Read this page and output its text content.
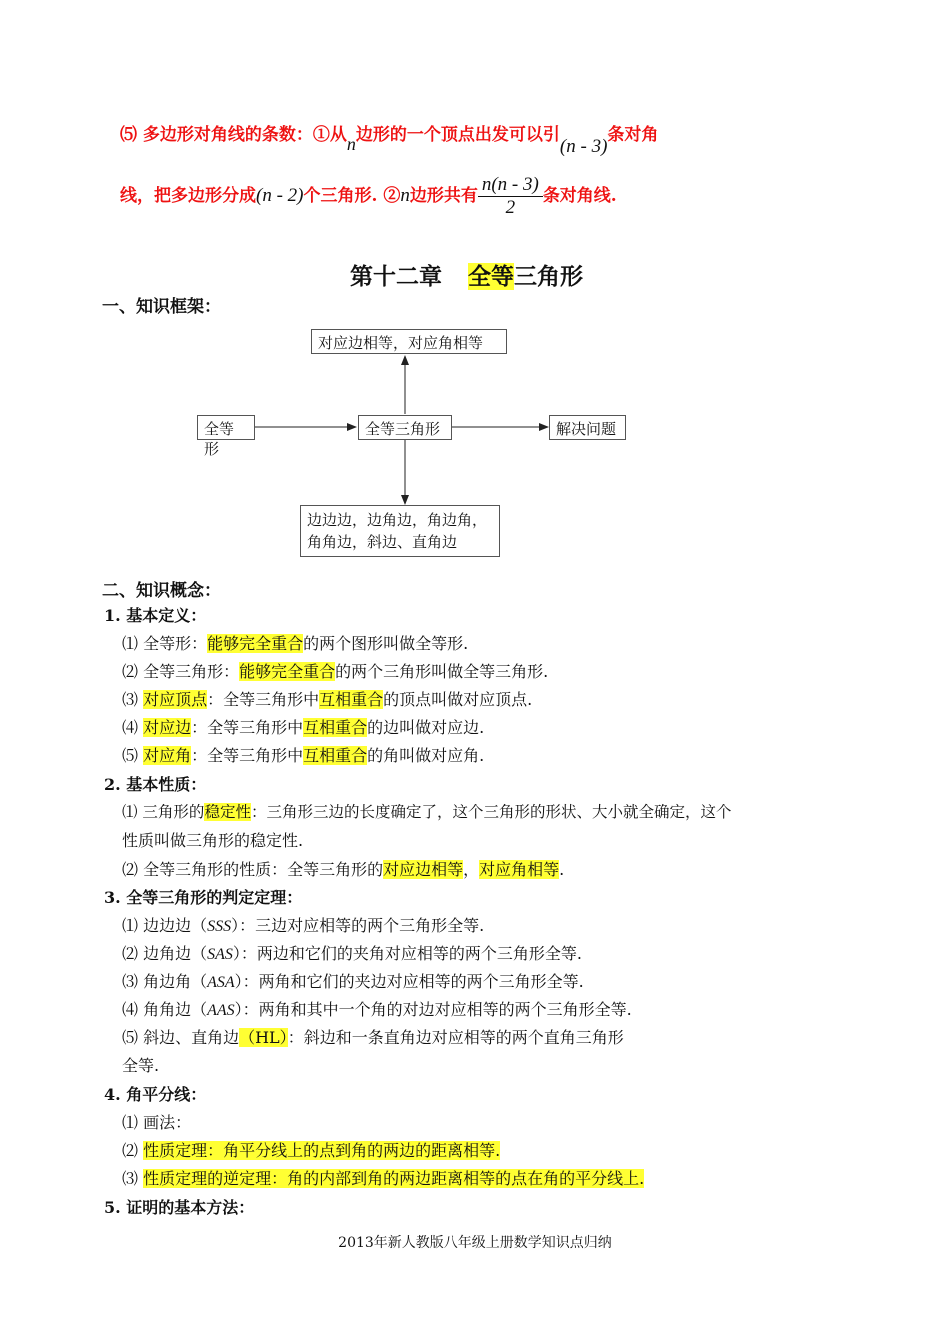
⑸ 多边形对角线的条数：①从n边形的一个顶点出发可以引(n - 3)条对角
线，把多边形分成(n - 2)个三角形. ②n边形共有 $\frac{n(n - 3)}{2}$ 条对角线.
第十二章 全等三角形
一、知识框架：
对应边相等，对应角相等
全等形
全等三角形	解决问题
边边边，边角边，角边角，
角角边，斜边、直角边
二、知识概念：
1. 基本定义：
⑴ 全等形：能够完全重合的两个图形叫做全等形.
⑵ 全等三角形：能够完全重合的两个三角形叫做全等三角形.
⑶ 对应顶点：全等三角形中互相重合的顶点叫做对应顶点.
⑷ 对应边：全等三角形中互相重合的边叫做对应边.
⑸ 对应角：全等三角形中互相重合的角叫做对应角.
2. 基本性质：
⑴ 三角形的稳定性：三角形三边的长度确定了，这个三角形的形状、大小就全确定，这个
性质叫做三角形的稳定性.
⑵ 全等三角形的性质：全等三角形的对应边相等，对应角相等.
3. 全等三角形的判定定理：
⑴ 边边边（SSS）：三边对应相等的两个三角形全等.
⑵ 边角边（SAS）：两边和它们的夹角对应相等的两个三角形全等.
⑶ 角边角（ASA）：两角和它们的夹边对应相等的两个三角形全等.
⑷ 角角边（AAS）：两角和其中一个角的对边对应相等的两个三角形全等.
⑸ 斜边、直角边（HL）：斜边和一条直角边对应相等的两个直角三角形
全等.
4. 角平分线：
⑴ 画法：
⑵ 性质定理：角平分线上的点到角的两边的距离相等.
⑶ 性质定理的逆定理：角的内部到角的两边距离相等的点在角的平分线上.
5. 证明的基本方法：
2013年新人教版八年级上册数学知识点归纳
